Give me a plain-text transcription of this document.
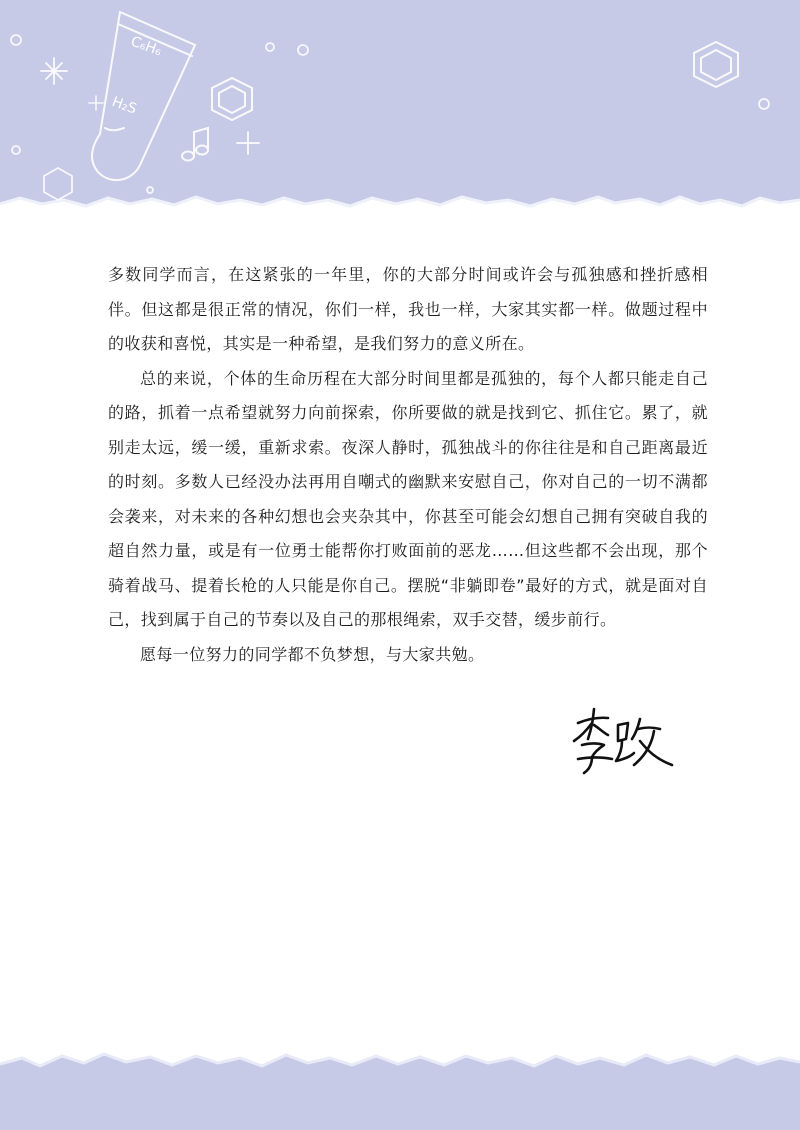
C₆H₆
H₂S

多数同学而言，在这紧张的一年里，你的大部分时间或许会与孤独感和挫折感相伴。但这都是很正常的情况，你们一样，我也一样，大家其实都一样。做题过程中的收获和喜悦，其实是一种希望，是我们努力的意义所在。

总的来说，个体的生命历程在大部分时间里都是孤独的，每个人都只能走自己的路，抓着一点希望就努力向前探索，你所要做的就是找到它、抓住它。累了，就别走太远，缓一缓，重新求索。夜深人静时，孤独战斗的你往往是和自己距离最近的时刻。多数人已经没办法再用自嘲式的幽默来安慰自己，你对自己的一切不满都会袭来，对未来的各种幻想也会夹杂其中，你甚至可能会幻想自己拥有突破自我的超自然力量，或是有一位勇士能帮你打败面前的恶龙……但这些都不会出现，那个骑着战马、提着长枪的人只能是你自己。摆脱“非躺即卷”最好的方式，就是面对自己，找到属于自己的节奏以及自己的那根绳索，双手交替，缓步前行。

愿每一位努力的同学都不负梦想，与大家共勉。
